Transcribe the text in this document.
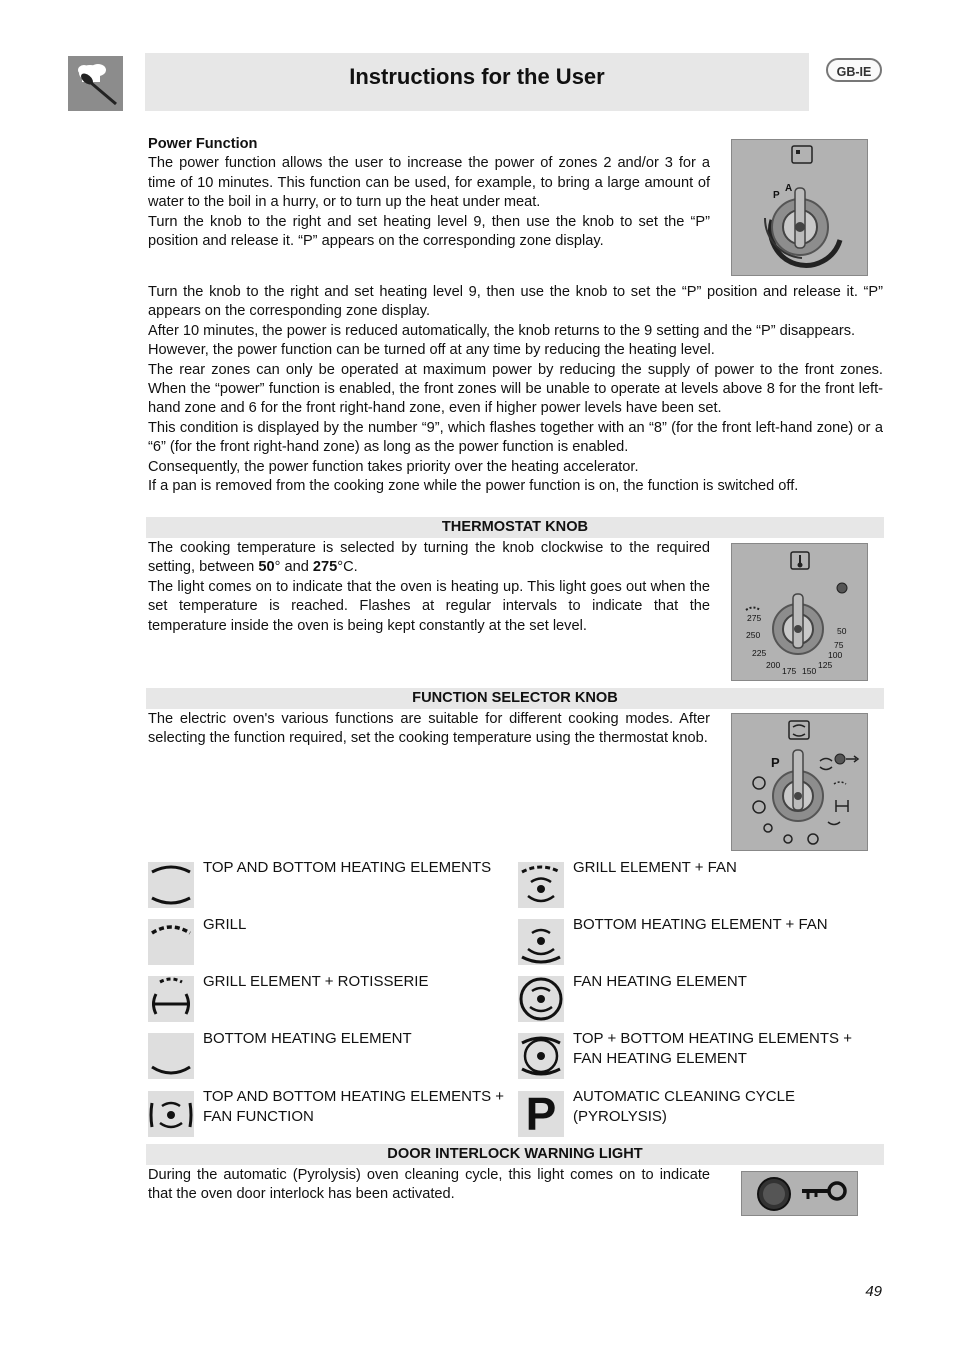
Instructions for the User	GB-IE
Power Function
The power function allows the user to increase the power of zones 2 and/or 3 for a time of 10 minutes. This function can be used, for example, to bring a large amount of water to the boil in a hurry, or to turn up the heat under meat.
Turn the knob to the right and set heating level 9, then use the knob to set the “P” position and release it. “P” appears on the corresponding zone display.
P
A
Turn the knob to the right and set heating level 9, then use the knob to set the “P” position and release it. “P” appears on the corresponding zone display.
After 10 minutes, the power is reduced automatically, the knob returns to the 9 setting and the “P” disappears.
However, the power function can be turned off at any time by reducing the heating level.
The rear zones can only be operated at maximum power by reducing the supply of power to the front zones. When the “power” function is enabled, the front zones will be unable to operate at levels above 8 for the front left-hand zone and 6 for the front right-hand zone, even if higher power levels have been set.
This condition is displayed by the number “9”, which flashes together with an “8” (for the front left-hand zone) or a “6” (for the front right-hand zone) as long as the power function is enabled.
Consequently, the power function takes priority over the heating accelerator.
If a pan is removed from the cooking zone while the power function is on, the function is switched off.
THERMOSTAT KNOB
The cooking temperature is selected by turning the knob clockwise to the required setting, between 50° and 275°C.
The light comes on to indicate that the oven is heating up. This light goes out when the set temperature is reached. Flashes at regular intervals to indicate that the temperature inside the oven is being kept constantly at the set level.	275
250
225
200
175 150
125
100
75
50
FUNCTION SELECTOR KNOB
The electric oven's various functions are suitable for different cooking modes. After selecting the function required, set the cooking temperature using the thermostat knob.
P
TOP AND BOTTOM HEATING ELEMENTS	GRILL ELEMENT + FAN
GRILL	BOTTOM HEATING ELEMENT + FAN
GRILL ELEMENT + ROTISSERIE	FAN HEATING ELEMENT
BOTTOM HEATING ELEMENT	TOP + BOTTOM HEATING ELEMENTS + FAN HEATING ELEMENT
TOP AND BOTTOM HEATING ELEMENTS + FAN FUNCTION	P AUTOMATIC CLEANING CYCLE (PYROLYSIS)
DOOR INTERLOCK WARNING LIGHT
During the automatic (Pyrolysis) oven cleaning cycle, this light comes on to indicate that the oven door interlock has been activated.
49
